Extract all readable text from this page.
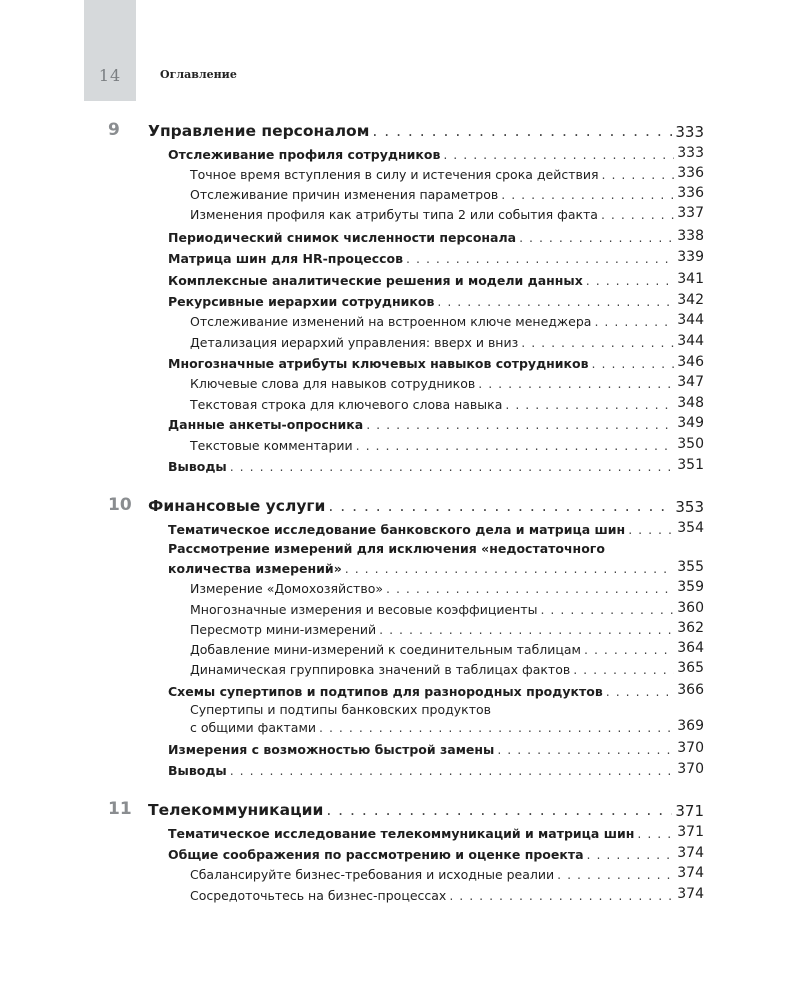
14	Оглавление
9 Управление персоналом . . .	333
Отслеживание профиля сотрудников . . .	333
Точное время вступления в силу и истечения срока действия . . .	336
Отслеживание причин изменения параметров . . .	336
Изменения профиля как атрибуты типа 2 или события факта . . .	337
Периодический снимок численности персонала . . .	338
Матрица шин для HR-процессов . . .	339
Комплексные аналитические решения и модели данных . . .	341
Рекурсивные иерархии сотрудников . . .	342
Отслеживание изменений на встроенном ключе менеджера . . .	344
Детализация иерархий управления: вверх и вниз . . .	344
Многозначные атрибуты ключевых навыков сотрудников . . .	346
Ключевые слова для навыков сотрудников . . .	347
Текстовая строка для ключевого слова навыка . . .	348
Данные анкеты-опросника . . .	349
Текстовые комментарии . . .	350
Выводы . . .	351
10 Финансовые услуги . . .	353
Тематическое исследование банковского дела и матрица шин . . .	354
Рассмотрение измерений для исключения «недостаточного
количества измерений» . . .	355
Измерение «Домохозяйство» . . .	359
Многозначные измерения и весовые коэффициенты . . .	360
Пересмотр мини-измерений . . .	362
Добавление мини-измерений к соединительным таблицам . . .	364
Динамическая группировка значений в таблицах фактов . . .	365
Схемы супертипов и подтипов для разнородных продуктов . . .	366
Супертипы и подтипы банковских продуктов
с общими фактами . . .	369
Измерения с возможностью быстрой замены . . .	370
Выводы . . .	370
11 Телекоммуникации . . .	371
Тематическое исследование телекоммуникаций и матрица шин . . .	371
Общие соображения по рассмотрению и оценке проекта . . .	374
Сбалансируйте бизнес-требования и исходные реалии . . .	374
Сосредоточьтесь на бизнес-процессах . . .	374
